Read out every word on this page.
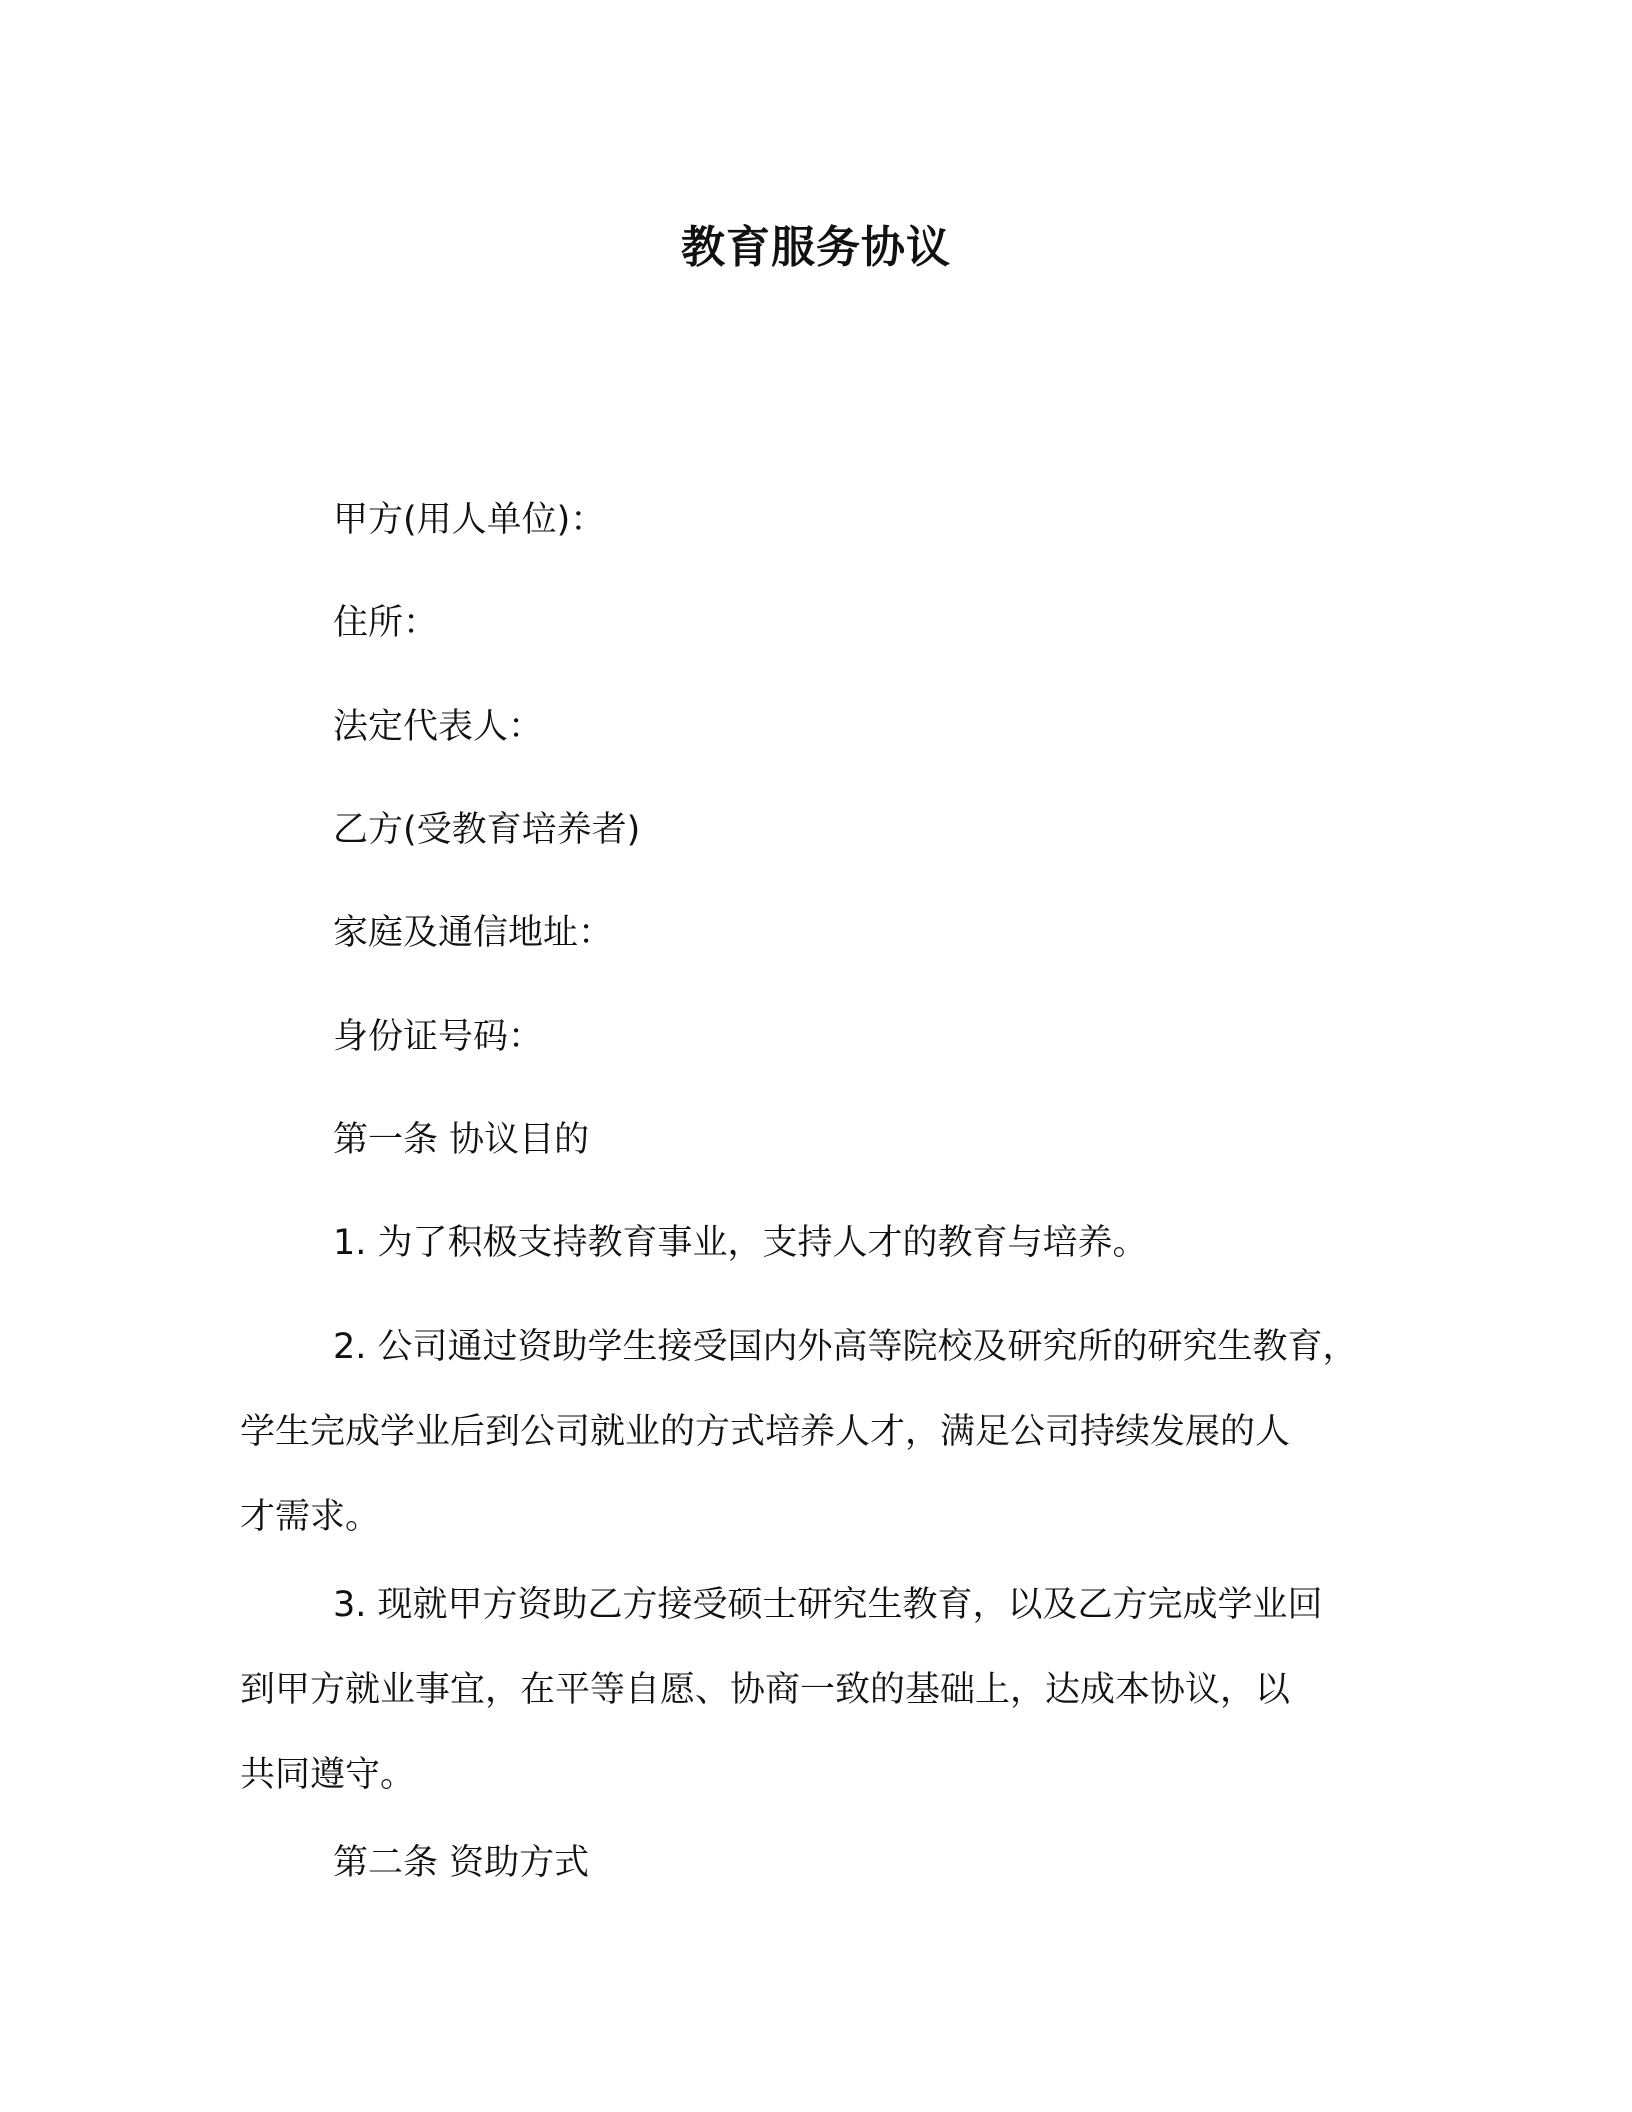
教育服务协议
甲方(用人单位)：
住所：
法定代表人：
乙方(受教育培养者)
家庭及通信地址：
身份证号码：
第一条 协议目的
1. 为了积极支持教育事业，支持人才的教育与培养。
2. 公司通过资助学生接受国内外高等院校及研究所的研究生教育，
学生完成学业后到公司就业的方式培养人才，满足公司持续发展的人
才需求。
3. 现就甲方资助乙方接受硕士研究生教育，以及乙方完成学业回
到甲方就业事宜，在平等自愿、协商一致的基础上，达成本协议，以
共同遵守。
第二条 资助方式
